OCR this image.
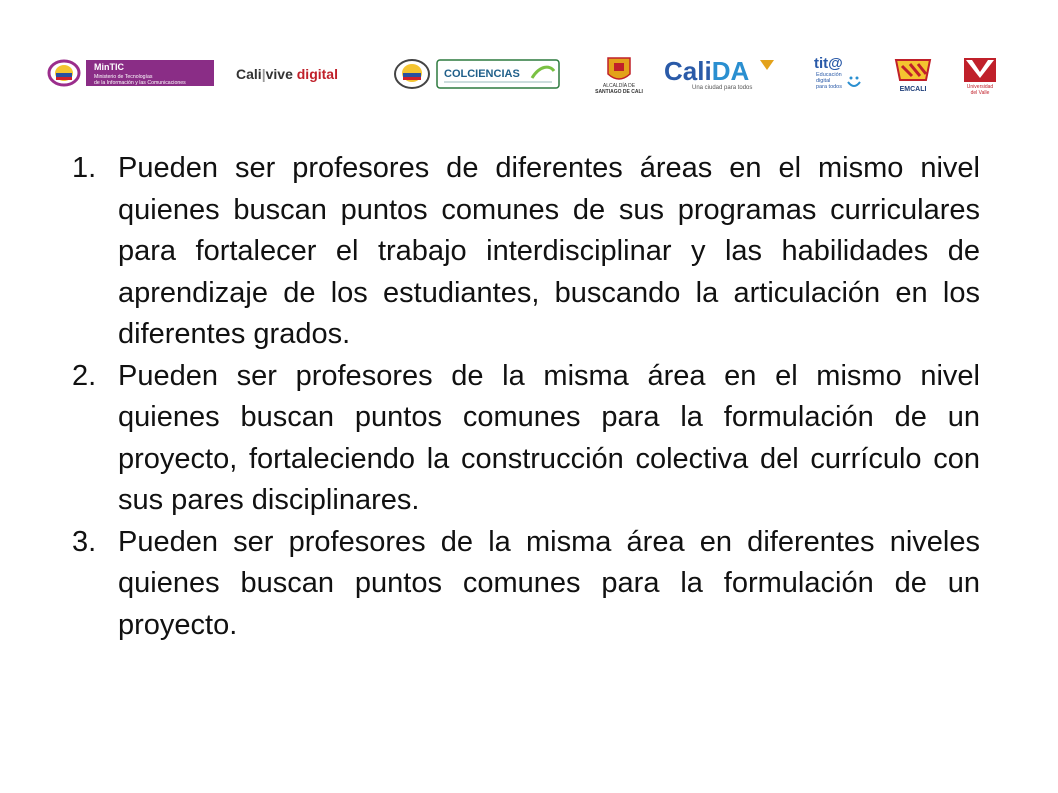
MinTIC
Ministerio de Tecnologías
de la Información y las Comunicaciones
Cali|vive digital	COLCIENCIAS
ALCALDÍA DE
SANTIAGO DE CALI
CaliDA
Una ciudad para todos
tit@
Educación
digital
para todos	EMCALI	Universidad
del Valle
1. Pueden ser profesores de diferentes áreas en el mismo nivel quienes buscan puntos comunes de sus programas curriculares para fortalecer el trabajo interdisciplinar y las habilidades de aprendizaje de los estudiantes, buscando la articulación en los diferentes grados.
2. Pueden ser profesores de la misma área en el mismo nivel quienes buscan puntos comunes para la formulación de un proyecto, fortaleciendo la construcción colectiva del currículo con sus pares disciplinares.
3. Pueden ser profesores de la misma área en diferentes niveles quienes buscan puntos comunes para la formulación de un proyecto.
